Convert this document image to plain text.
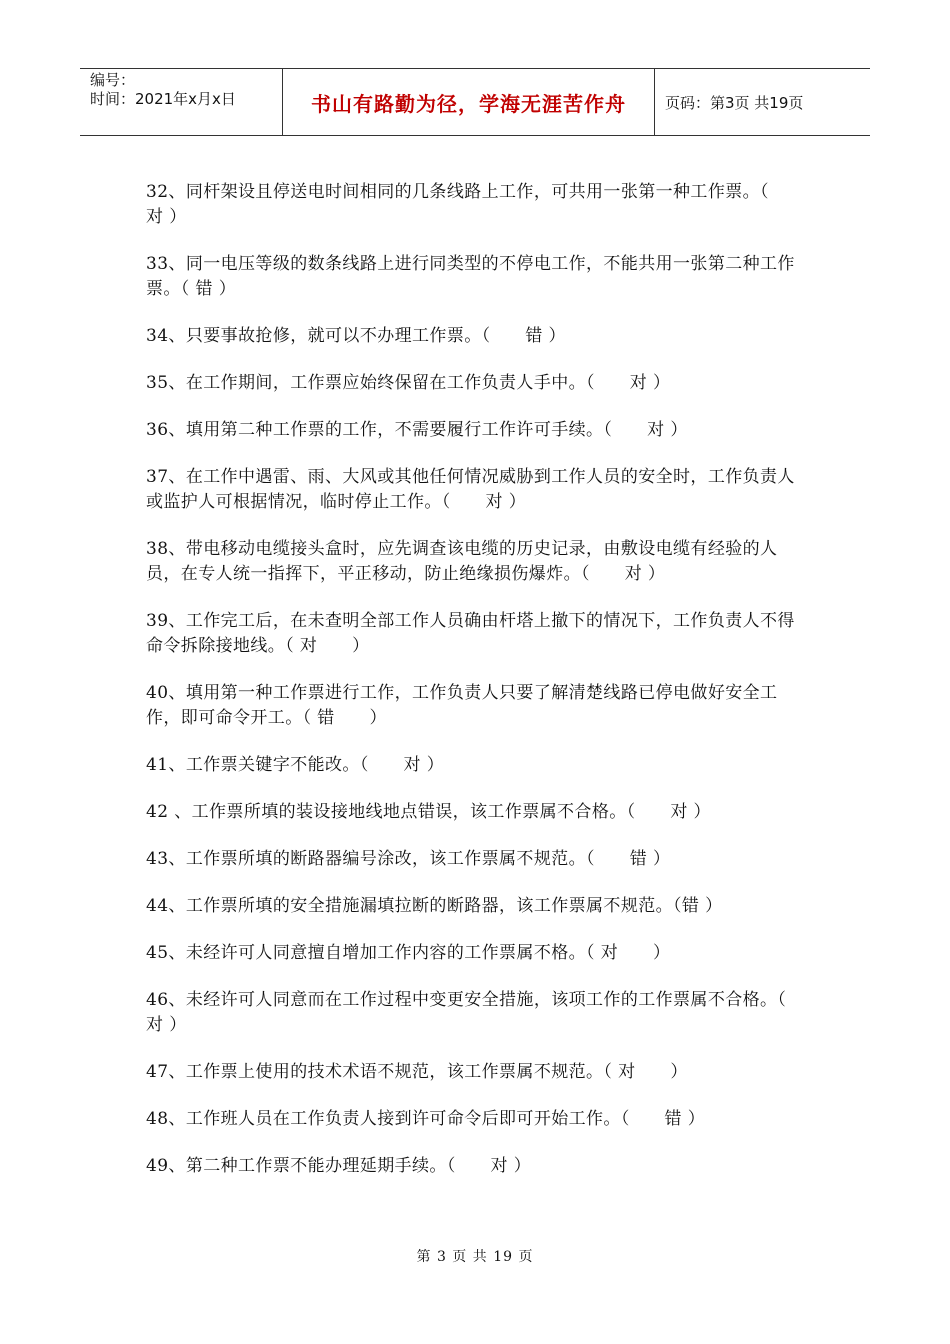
编号：
时间：2021年x月x日	书山有路勤为径，学海无涯苦作舟	页码：第3页 共19页

32、同杆架设且停送电时间相同的几条线路上工作，可共用一张第一种工作票。（      对 ）

33、同一电压等级的数条线路上进行同类型的不停电工作，不能共用一张第二种工作票。（ 错 ）

34、只要事故抢修，就可以不办理工作票。（      错 ）

35、在工作期间，工作票应始终保留在工作负责人手中。（      对 ）

36、填用第二种工作票的工作，不需要履行工作许可手续。（      对 ）

37、在工作中遇雷、雨、大风或其他任何情况威胁到工作人员的安全时，工作负责人或监护人可根据情况，临时停止工作。（      对 ）

38、带电移动电缆接头盒时，应先调查该电缆的历史记录，由敷设电缆有经验的人员，在专人统一指挥下，平正移动，防止绝缘损伤爆炸。（      对 ）

39、工作完工后，在未查明全部工作人员确由杆塔上撤下的情况下，工作负责人不得命令拆除接地线。（ 对      ）

40、填用第一种工作票进行工作，工作负责人只要了解清楚线路已停电做好安全工作，即可命令开工。（ 错      ）

41、工作票关键字不能改。（      对 ）

42 、工作票所填的装设接地线地点错误，该工作票属不合格。（      对 ）

43、工作票所填的断路器编号涂改，该工作票属不规范。（      错 ）

44、工作票所填的安全措施漏填拉断的断路器，该工作票属不规范。（错 ）

45、未经许可人同意擅自增加工作内容的工作票属不格。（ 对      ）

46、未经许可人同意而在工作过程中变更安全措施，该项工作的工作票属不合格。（      对 ）

47、工作票上使用的技术术语不规范，该工作票属不规范。（ 对      ）

48、工作班人员在工作负责人接到许可命令后即可开始工作。（      错 ）

49、第二种工作票不能办理延期手续。（      对 ）

第 3 页 共 19 页
